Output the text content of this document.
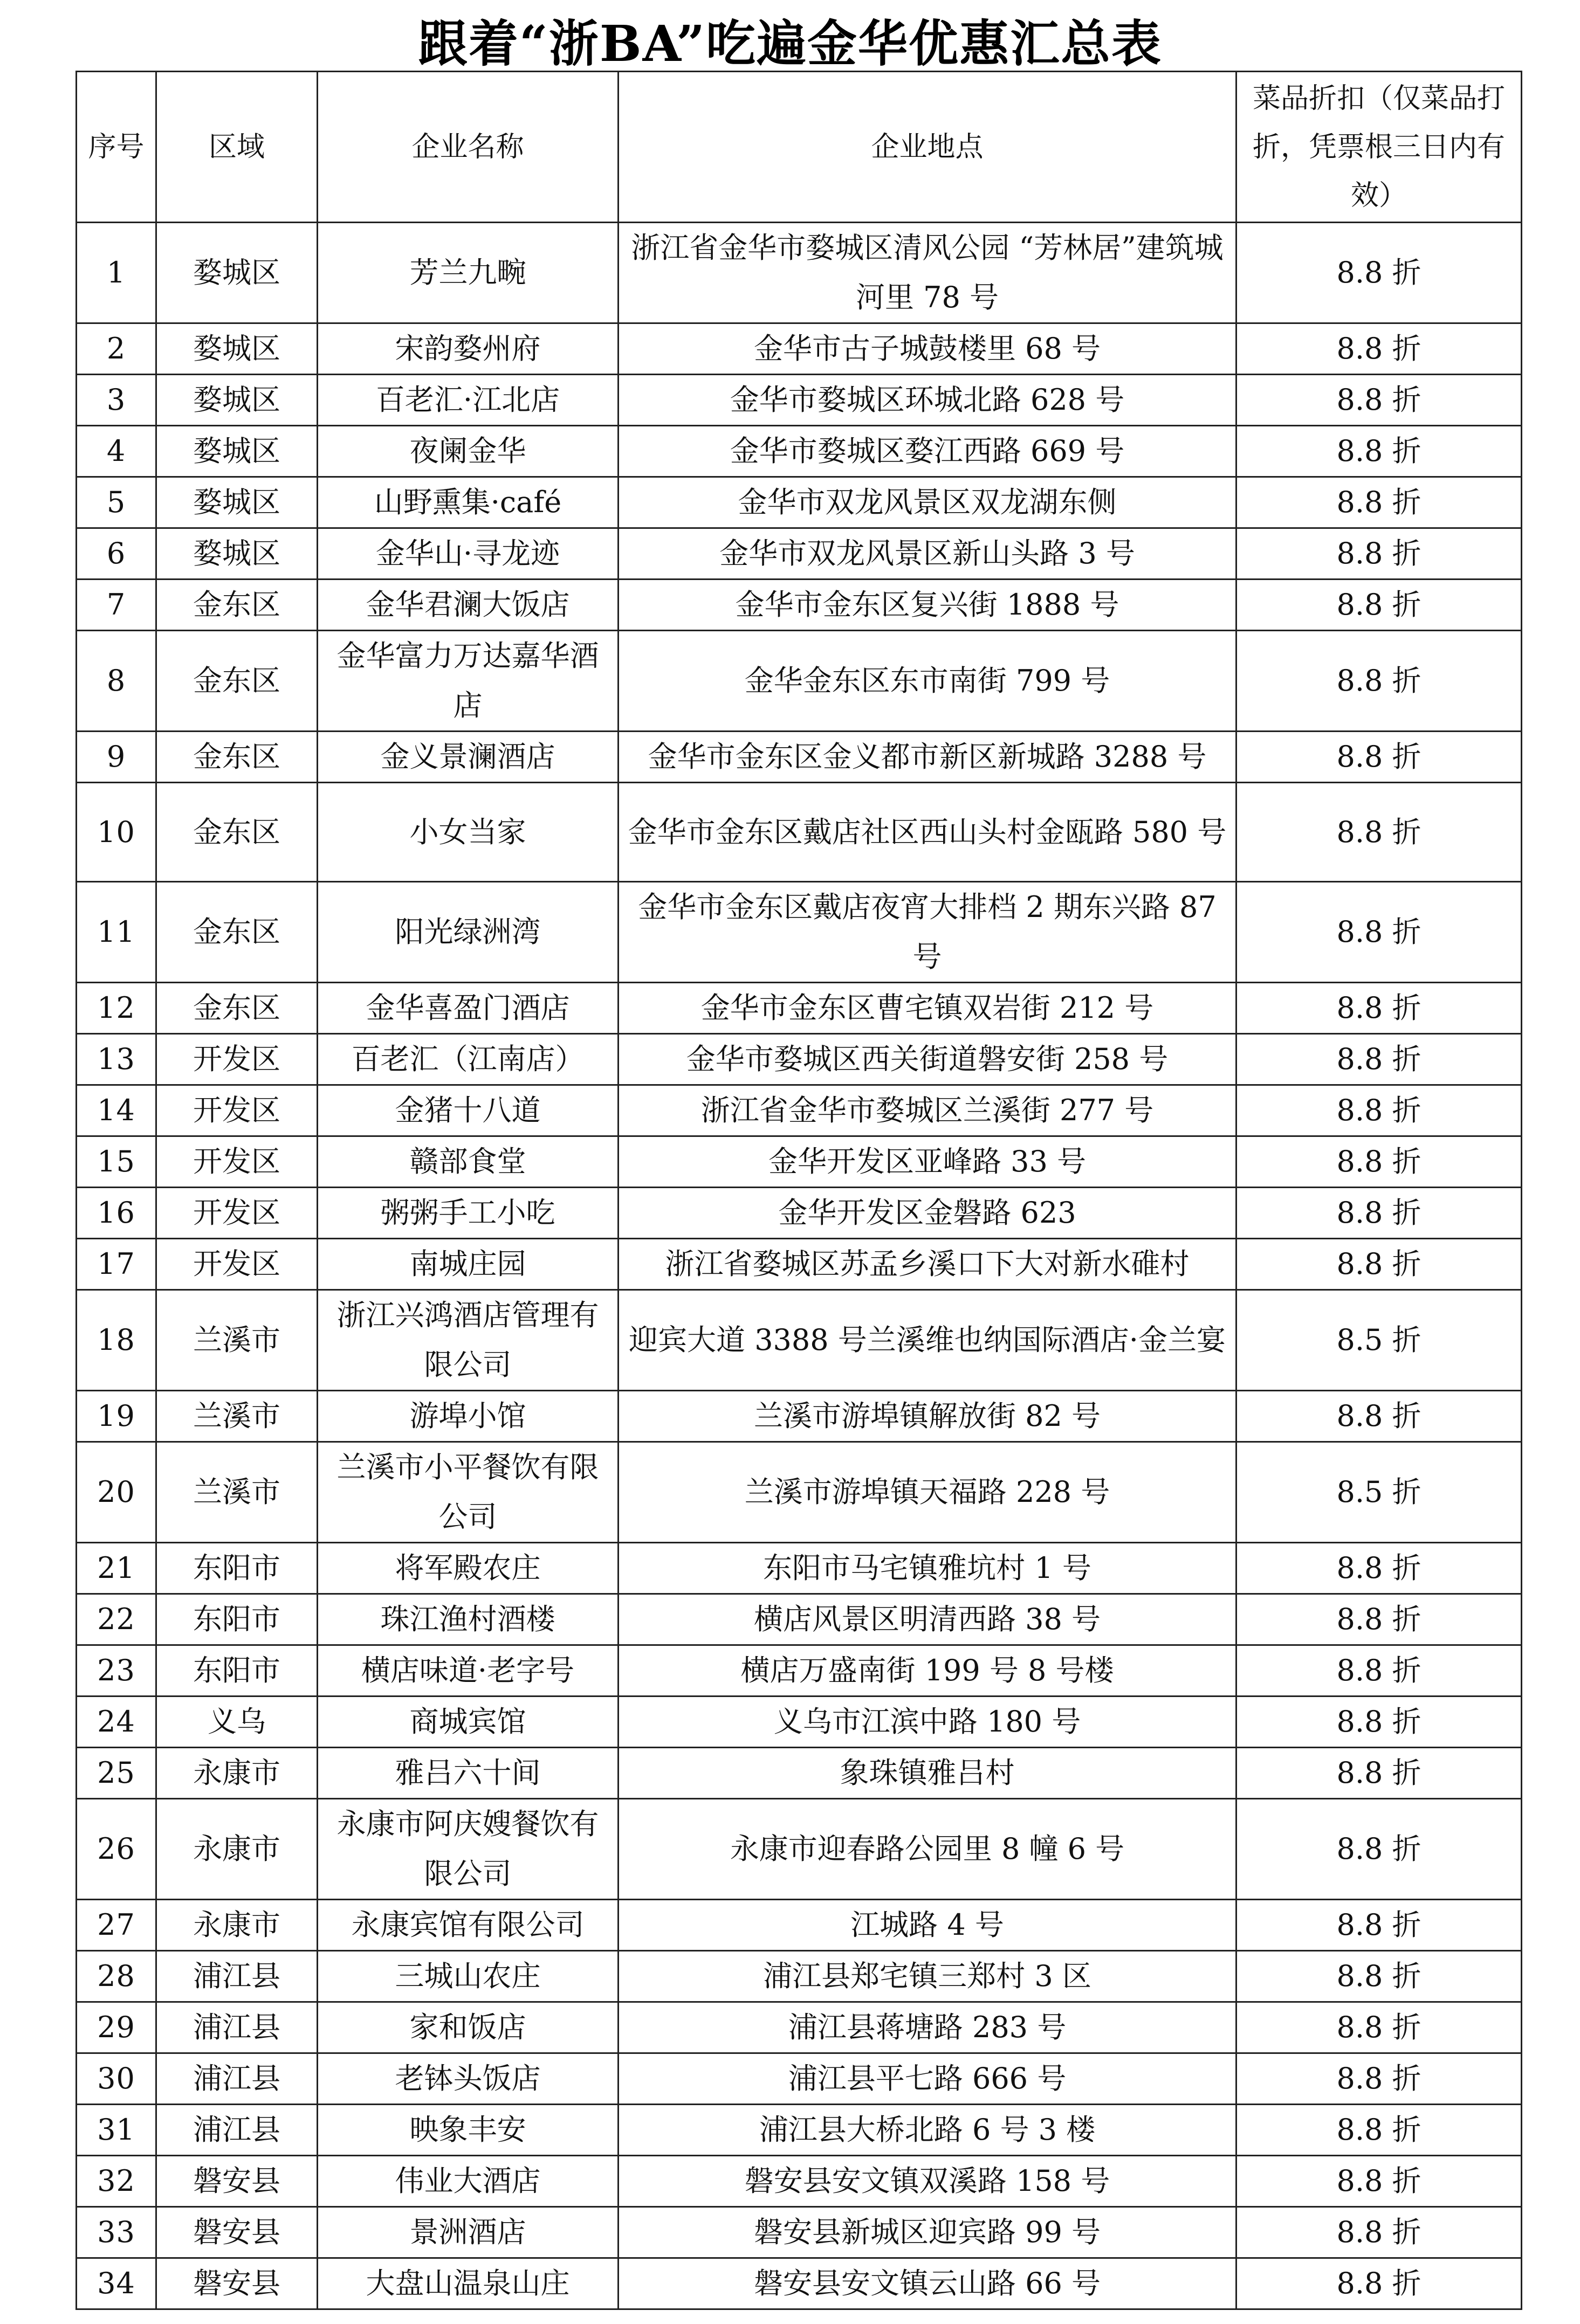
跟着“浙BA”吃遍金华优惠汇总表
序号	区域	企业名称	企业地点	菜品折扣（仅菜品打折，凭票根三日内有效）
1	婺城区	芳兰九畹	浙江省金华市婺城区清风公园 “芳林居”建筑城河里 78 号	8.8 折
2	婺城区	宋韵婺州府	金华市古子城鼓楼里 68 号	8.8 折
3	婺城区	百老汇·江北店	金华市婺城区环城北路 628 号	8.8 折
4	婺城区	夜阑金华	金华市婺城区婺江西路 669 号	8.8 折
5	婺城区	山野熏集·café	金华市双龙风景区双龙湖东侧	8.8 折
6	婺城区	金华山·寻龙迹	金华市双龙风景区新山头路 3 号	8.8 折
7	金东区	金华君澜大饭店	金华市金东区复兴街 1888 号	8.8 折
8	金东区	金华富力万达嘉华酒店	金华金东区东市南街 799 号	8.8 折
9	金东区	金义景澜酒店	金华市金东区金义都市新区新城路 3288 号	8.8 折
10	金东区	小女当家	金华市金东区戴店社区西山头村金瓯路 580 号	8.8 折
11	金东区	阳光绿洲湾	金华市金东区戴店夜宵大排档 2 期东兴路 87 号	8.8 折
12	金东区	金华喜盈门酒店	金华市金东区曹宅镇双岩街 212 号	8.8 折
13	开发区	百老汇（江南店）	金华市婺城区西关街道磐安街 258 号	8.8 折
14	开发区	金猪十八道	浙江省金华市婺城区兰溪街 277 号	8.8 折
15	开发区	赣部食堂	金华开发区亚峰路 33 号	8.8 折
16	开发区	粥粥手工小吃	金华开发区金磐路 623	8.8 折
17	开发区	南城庄园	浙江省婺城区苏孟乡溪口下大对新水碓村	8.8 折
18	兰溪市	浙江兴鸿酒店管理有限公司	迎宾大道 3388 号兰溪维也纳国际酒店·金兰宴	8.5 折
19	兰溪市	游埠小馆	兰溪市游埠镇解放街 82 号	8.8 折
20	兰溪市	兰溪市小平餐饮有限公司	兰溪市游埠镇天福路 228 号	8.5 折
21	东阳市	将军殿农庄	东阳市马宅镇雅坑村 1 号	8.8 折
22	东阳市	珠江渔村酒楼	横店风景区明清西路 38 号	8.8 折
23	东阳市	横店味道·老字号	横店万盛南街 199 号 8 号楼	8.8 折
24	义乌	商城宾馆	义乌市江滨中路 180 号	8.8 折
25	永康市	雅吕六十间	象珠镇雅吕村	8.8 折
26	永康市	永康市阿庆嫂餐饮有限公司	永康市迎春路公园里 8 幢 6 号	8.8 折
27	永康市	永康宾馆有限公司	江城路 4 号	8.8 折
28	浦江县	三城山农庄	浦江县郑宅镇三郑村 3 区	8.8 折
29	浦江县	家和饭店	浦江县蒋塘路 283 号	8.8 折
30	浦江县	老钵头饭店	浦江县平七路 666 号	8.8 折
31	浦江县	映象丰安	浦江县大桥北路 6 号 3 楼	8.8 折
32	磐安县	伟业大酒店	磐安县安文镇双溪路 158 号	8.8 折
33	磐安县	景洲酒店	磐安县新城区迎宾路 99 号	8.8 折
34	磐安县	大盘山温泉山庄	磐安县安文镇云山路 66 号	8.8 折
